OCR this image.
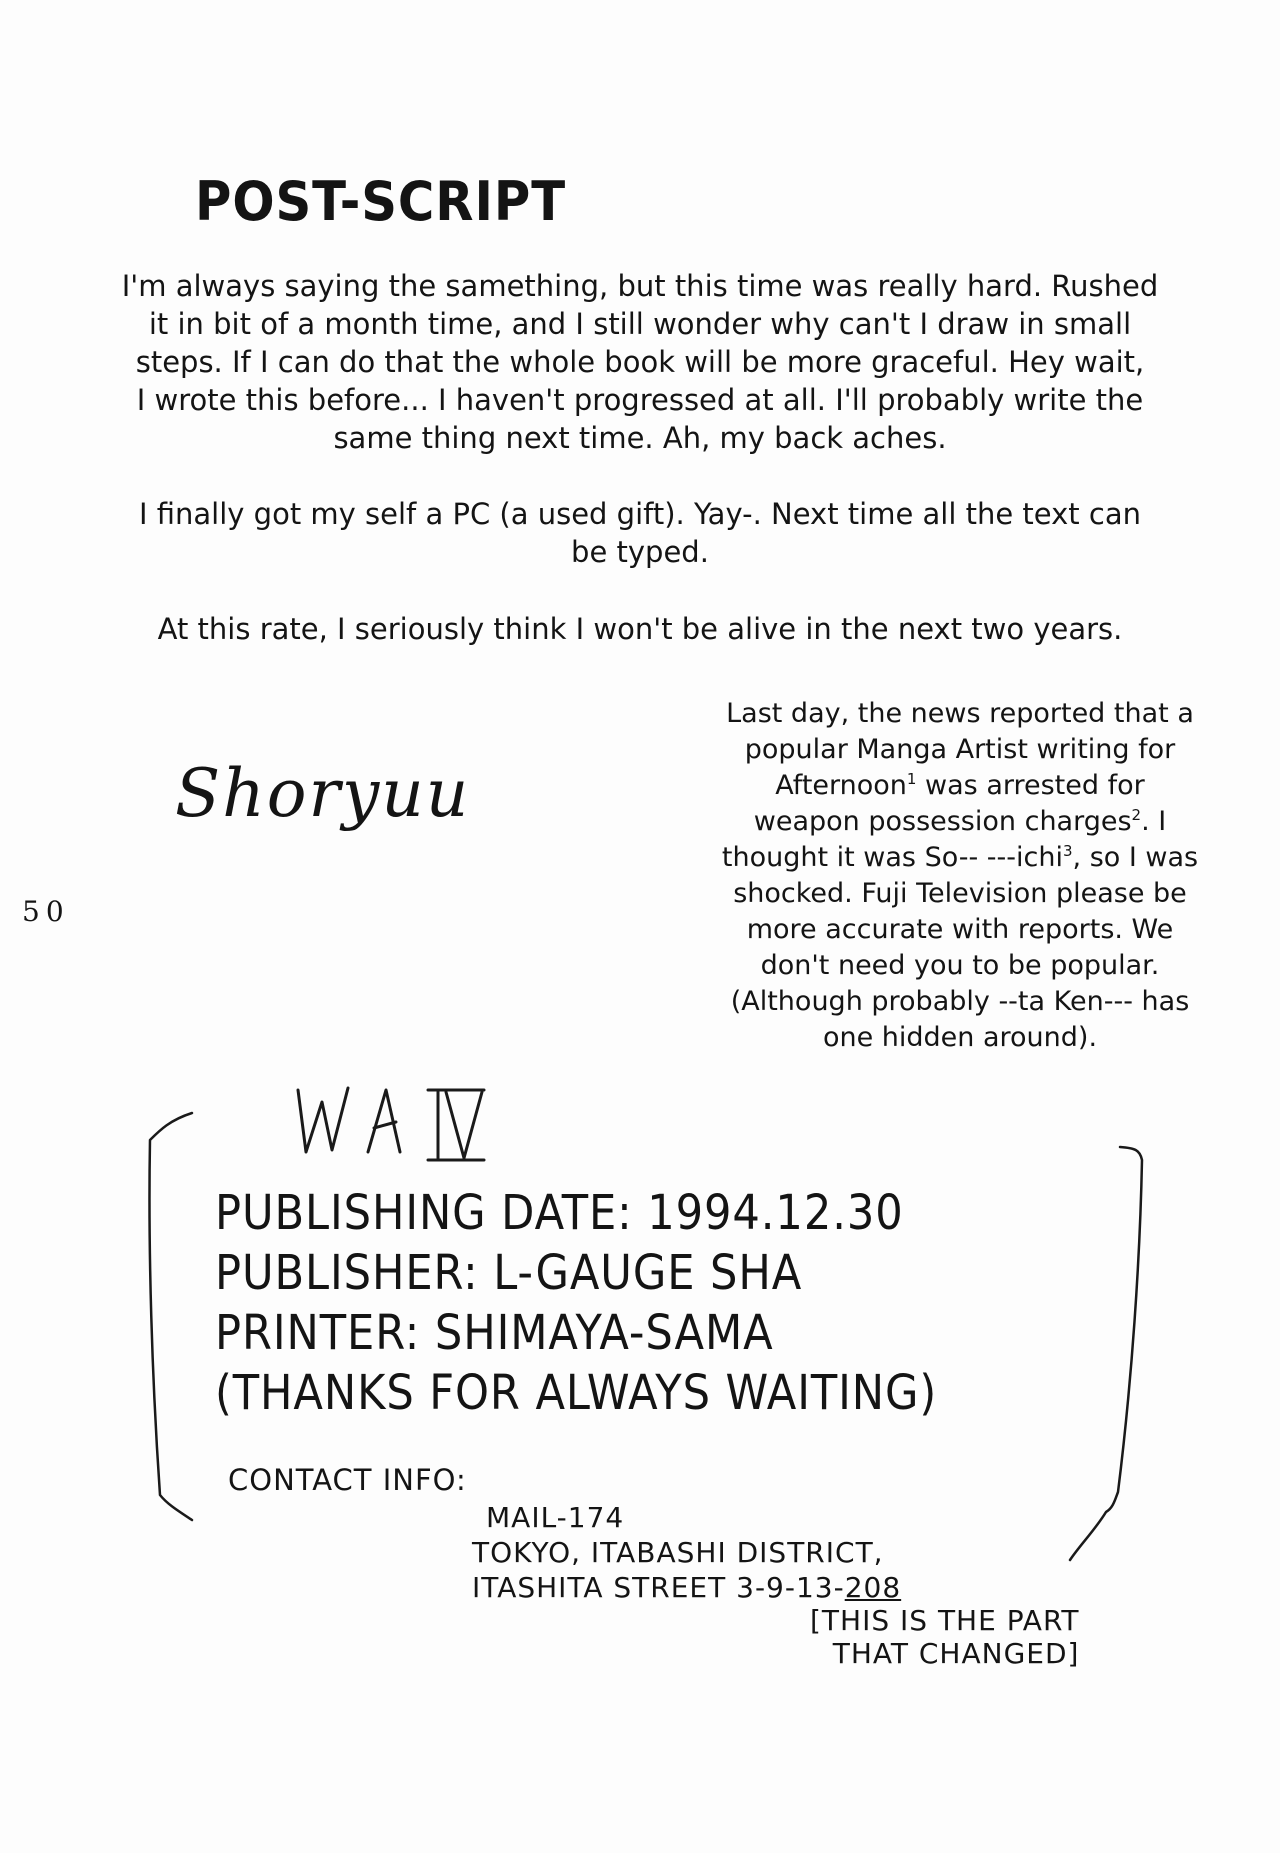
POST-SCRIPT
I'm always saying the samething, but this time was really hard. Rushed
it in bit of a month time, and I still wonder why can't I draw in small
steps. If I can do that the whole book will be more graceful. Hey wait,
I wrote this before... I haven't progressed at all. I'll probably write the
same thing next time. Ah, my back aches.
I finally got my self a PC (a used gift). Yay-. Next time all the text can
be typed.
At this rate, I seriously think I won't be alive in the next two years.
Shoryuu
50
Last day, the news reported that a
popular Manga Artist writing for
Afternoon$^1$ was arrested for
weapon possession charges$^2$. I
thought it was So-- ---ichi$^3$, so I was
shocked. Fuji Television please be
more accurate with reports. We
don't need you to be popular.
(Although probably --ta Ken--- has
one hidden around).
PUBLISHING DATE: 1994.12.30
PUBLISHER: L-GAUGE SHA
PRINTER: SHIMAYA-SAMA
(THANKS FOR ALWAYS WAITING)
CONTACT INFO:
MAIL-174
TOKYO, ITABASHI DISTRICT,
ITASHITA STREET 3-9-13-208
[THIS IS THE PART
THAT CHANGED]
